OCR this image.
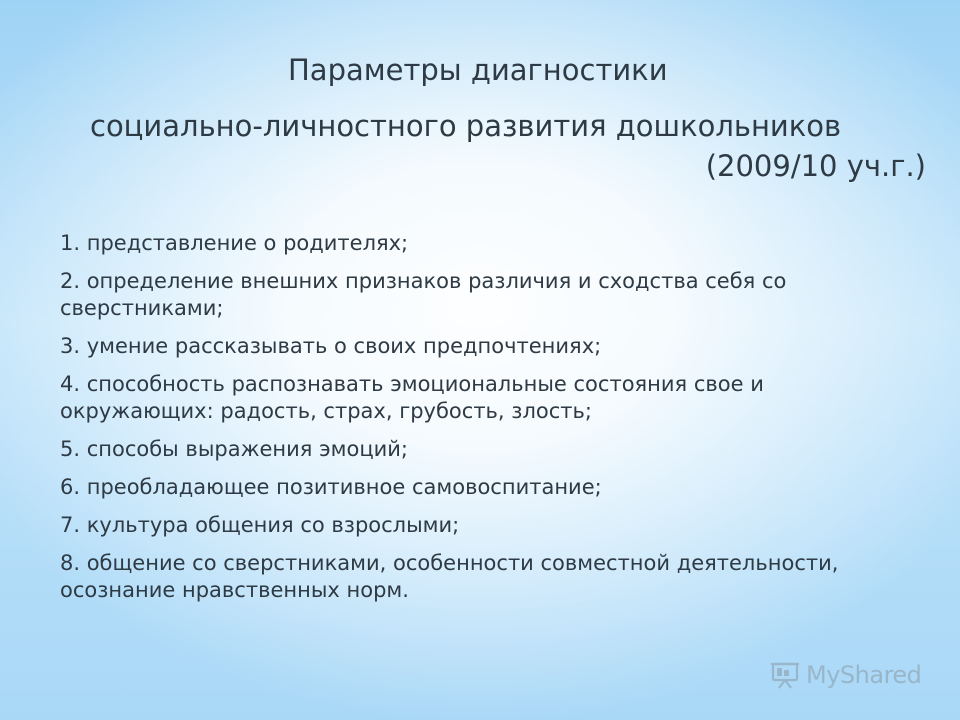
Параметры диагностики
социально-личностного развития дошкольников
(2009/10 уч.г.)
1. представление о родителях;
2. определение внешних признаков различия и сходства себя со сверстниками;
3. умение рассказывать о своих предпочтениях;
4. способность распознавать эмоциональные состояния свое и окружающих: радость, страх, грубость, злость;
5. способы выражения эмоций;
6. преобладающее позитивное самовоспитание;
7. культура общения со взрослыми;
8. общение со сверстниками, особенности совместной деятельности, осознание нравственных норм.
MyShared
